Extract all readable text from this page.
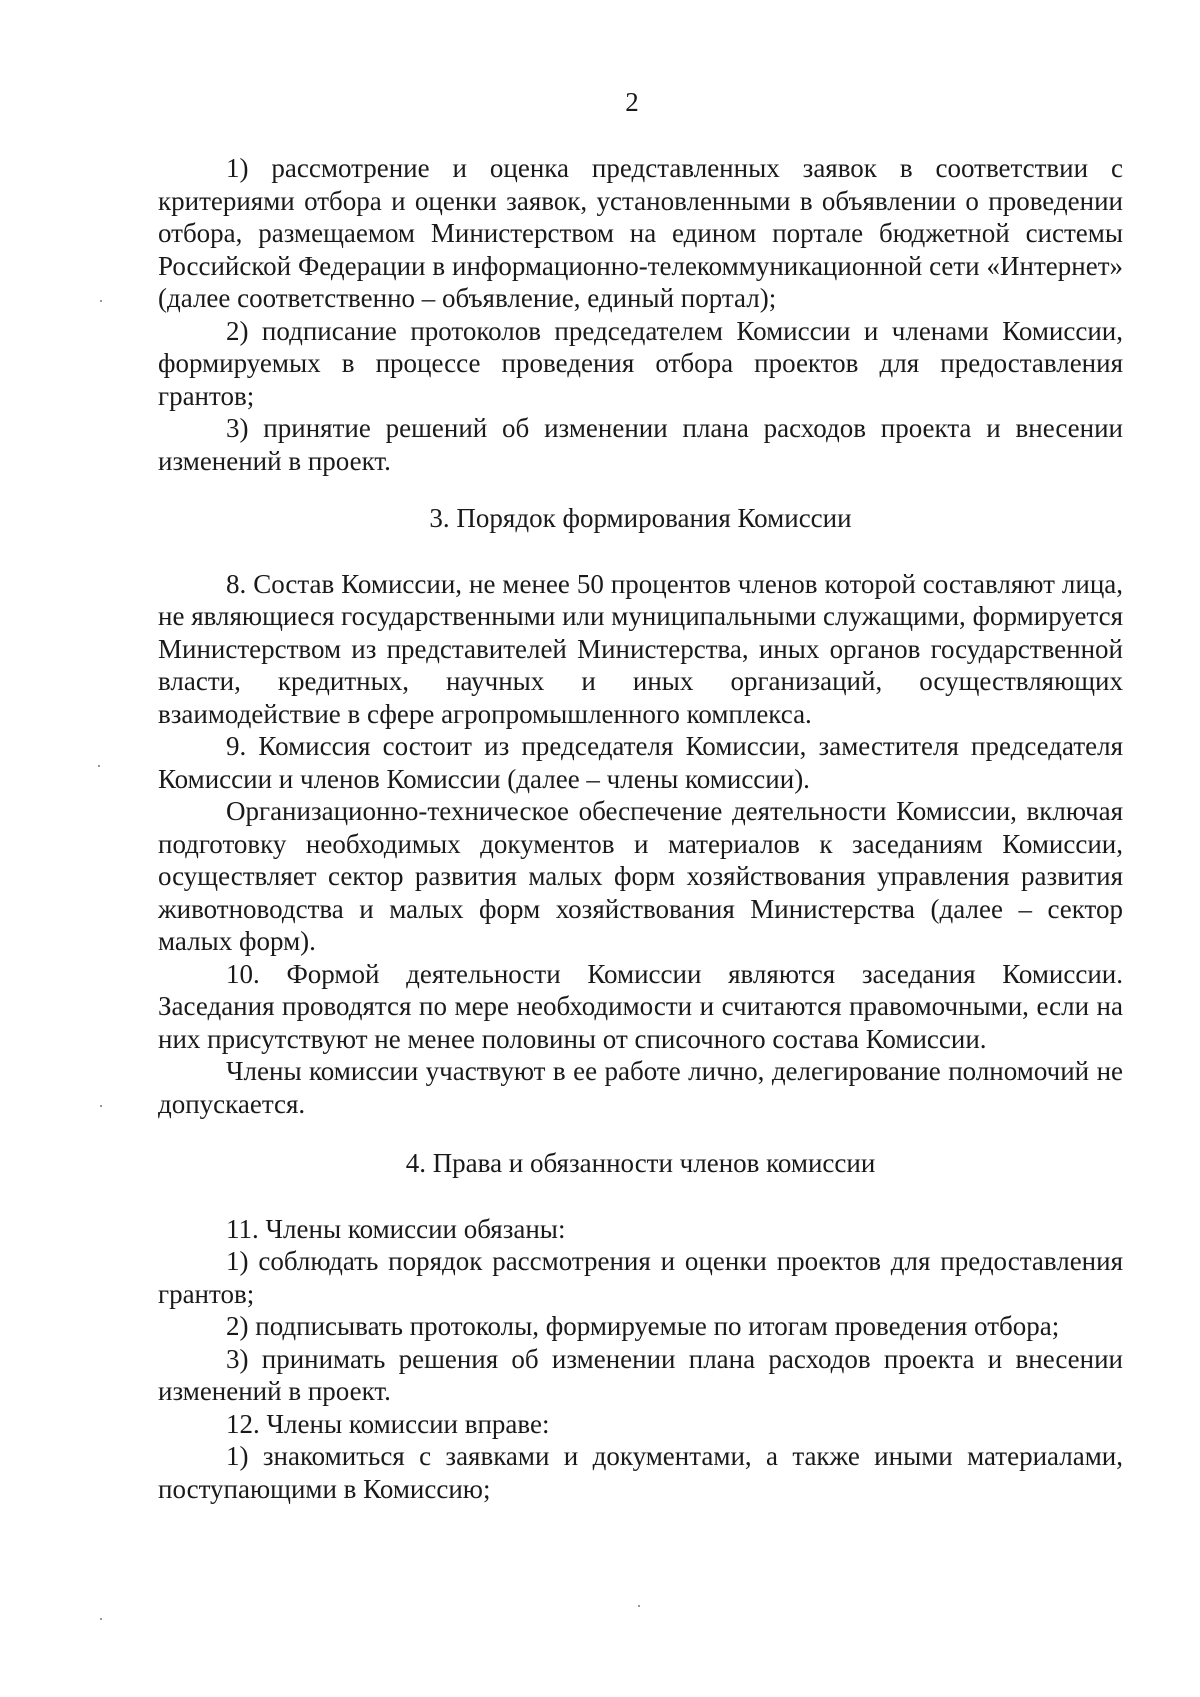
2

1) рассмотрение и оценка представленных заявок в соответствии с критериями отбора и оценки заявок, установленными в объявлении о проведении отбора, размещаемом Министерством на едином портале бюджетной системы Российской Федерации в информационно-телекоммуникационной сети «Интернет» (далее соответственно – объявление, единый портал);

2) подписание протоколов председателем Комиссии и членами Комиссии, формируемых в процессе проведения отбора проектов для предоставления грантов;

3) принятие решений об изменении плана расходов проекта и внесении изменений в проект.

3. Порядок формирования Комиссии

8. Состав Комиссии, не менее 50 процентов членов которой составляют лица, не являющиеся государственными или муниципальными служащими, формируется Министерством из представителей Министерства, иных органов государственной власти, кредитных, научных и иных организаций, осуществляющих взаимодействие в сфере агропромышленного комплекса.

9. Комиссия состоит из председателя Комиссии, заместителя председателя Комиссии и членов Комиссии (далее – члены комиссии).

Организационно-техническое обеспечение деятельности Комиссии, включая подготовку необходимых документов и материалов к заседаниям Комиссии, осуществляет сектор развития малых форм хозяйствования управления развития животноводства и малых форм хозяйствования Министерства (далее – сектор малых форм).

10. Формой деятельности Комиссии являются заседания Комиссии. Заседания проводятся по мере необходимости и считаются правомочными, если на них присутствуют не менее половины от списочного состава Комиссии.

Члены комиссии участвуют в ее работе лично, делегирование полномочий не допускается.

4. Права и обязанности членов комиссии

11. Члены комиссии обязаны:

1) соблюдать порядок рассмотрения и оценки проектов для предоставления грантов;

2) подписывать протоколы, формируемые по итогам проведения отбора;

3) принимать решения об изменении плана расходов проекта и внесении изменений в проект.

12. Члены комиссии вправе:

1) знакомиться с заявками и документами, а также иными материалами, поступающими в Комиссию;
